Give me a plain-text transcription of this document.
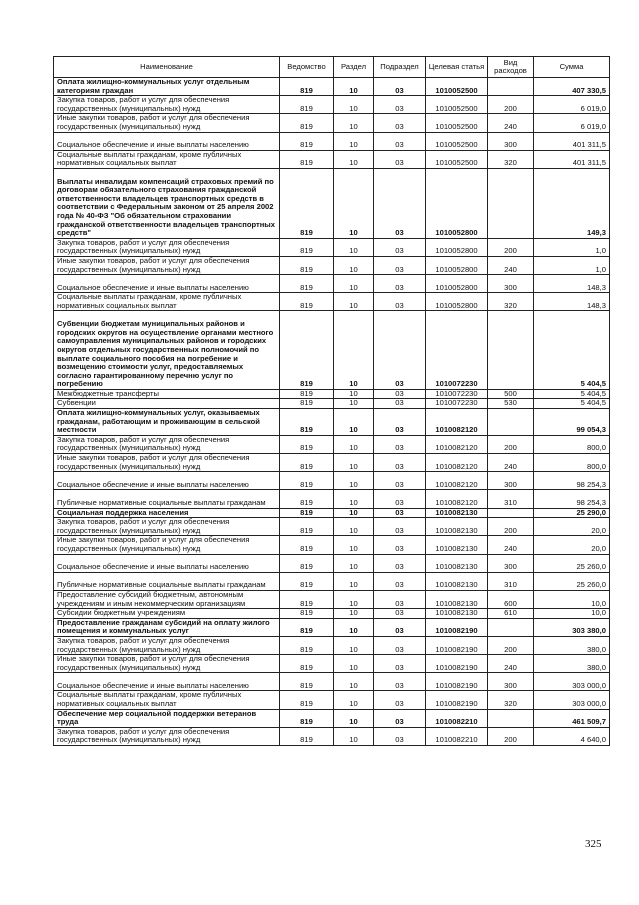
Наименование	Ведомство	Раздел	Подраздел	Целевая статья	Вид расходов	Сумма
Оплата жилищно-коммунальных услуг отдельным категориям граждан	819	10	03	1010052500		407 330,5
Закупка товаров, работ и услуг для обеспечения государственных (муниципальных) нужд	819	10	03	1010052500	200	6 019,0
Иные закупки товаров, работ и услуг для обеспечения государственных (муниципальных) нужд	819	10	03	1010052500	240	6 019,0
Социальное обеспечение и иные выплаты населению	819	10	03	1010052500	300	401 311,5
Социальные выплаты гражданам, кроме публичных нормативных социальных выплат	819	10	03	1010052500	320	401 311,5
Выплаты инвалидам компенсаций страховых премий по договорам обязательного страхования гражданской ответственности владельцев транспортных средств в соответствии с Федеральным законом от 25 апреля 2002 года № 40-ФЗ "Об обязательном страховании гражданской ответственности владельцев транспортных средств"	819	10	03	1010052800		149,3
Закупка товаров, работ и услуг для обеспечения государственных (муниципальных) нужд	819	10	03	1010052800	200	1,0
Иные закупки товаров, работ и услуг для обеспечения государственных (муниципальных) нужд	819	10	03	1010052800	240	1,0
Социальное обеспечение и иные выплаты населению	819	10	03	1010052800	300	148,3
Социальные выплаты гражданам, кроме публичных нормативных социальных выплат	819	10	03	1010052800	320	148,3
Субвенции бюджетам муниципальных районов и городских округов на осуществление органами местного самоуправления муниципальных районов и городских округов отдельных государственных полномочий по выплате социального пособия на погребение и возмещению стоимости услуг, предоставляемых согласно гарантированному перечню услуг по погребению	819	10	03	1010072230		5 404,5
Межбюджетные трансферты	819	10	03	1010072230	500	5 404,5
Субвенции	819	10	03	1010072230	530	5 404,5
Оплата жилищно-коммунальных услуг, оказываемых гражданам, работающим и проживающим в сельской местности	819	10	03	1010082120		99 054,3
Закупка товаров, работ и услуг для обеспечения государственных (муниципальных) нужд	819	10	03	1010082120	200	800,0
Иные закупки товаров, работ и услуг для обеспечения государственных (муниципальных) нужд	819	10	03	1010082120	240	800,0
Социальное обеспечение и иные выплаты населению	819	10	03	1010082120	300	98 254,3
Публичные нормативные социальные выплаты гражданам	819	10	03	1010082120	310	98 254,3
Социальная поддержка населения	819	10	03	1010082130		25 290,0
Закупка товаров, работ и услуг для обеспечения государственных (муниципальных) нужд	819	10	03	1010082130	200	20,0
Иные закупки товаров, работ и услуг для обеспечения государственных (муниципальных) нужд	819	10	03	1010082130	240	20,0
Социальное обеспечение и иные выплаты населению	819	10	03	1010082130	300	25 260,0
Публичные нормативные социальные выплаты гражданам	819	10	03	1010082130	310	25 260,0
Предоставление субсидий бюджетным, автономным учреждениям и иным некоммерческим организациям	819	10	03	1010082130	600	10,0
Субсидии бюджетным учреждениям	819	10	03	1010082130	610	10,0
Предоставление гражданам субсидий на оплату жилого помещения и коммунальных услуг	819	10	03	1010082190		303 380,0
Закупка товаров, работ и услуг для обеспечения государственных (муниципальных) нужд	819	10	03	1010082190	200	380,0
Иные закупки товаров, работ и услуг для обеспечения государственных (муниципальных) нужд	819	10	03	1010082190	240	380,0
Социальное обеспечение и иные выплаты населению	819	10	03	1010082190	300	303 000,0
Социальные выплаты гражданам, кроме публичных нормативных социальных выплат	819	10	03	1010082190	320	303 000,0
Обеспечение мер социальной поддержки ветеранов труда	819	10	03	1010082210		461 509,7
Закупка товаров, работ и услуг для обеспечения государственных (муниципальных) нужд	819	10	03	1010082210	200	4 640,0
325
